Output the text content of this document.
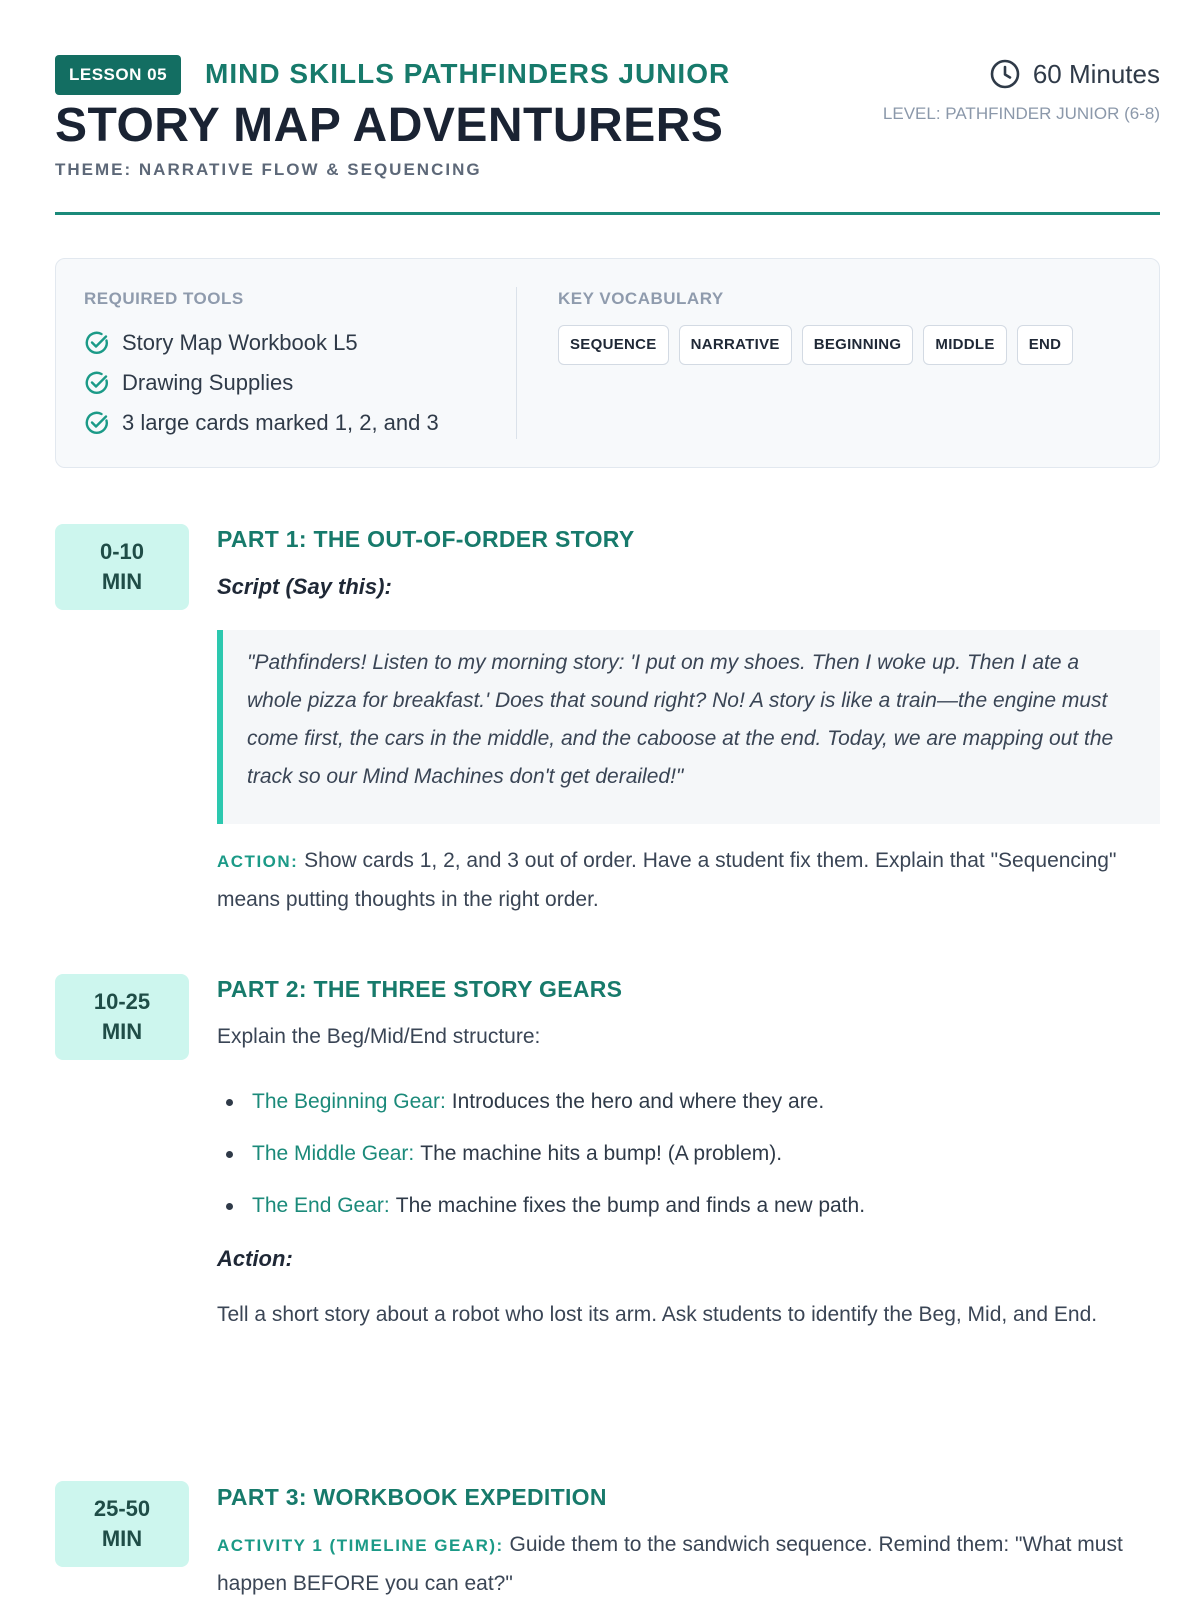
LESSON 05	MIND SKILLS PATHFINDERS JUNIOR
STORY MAP ADVENTURERS
THEME: NARRATIVE FLOW & SEQUENCING
60 Minutes
LEVEL: PATHFINDER JUNIOR (6-8)
REQUIRED TOOLS
Story Map Workbook L5
Drawing Supplies
3 large cards marked 1, 2, and 3
KEY VOCABULARY
SEQUENCE	NARRATIVE	BEGINNING	MIDDLE	END
0-10
MIN
PART 1: THE OUT-OF-ORDER STORY
Script (Say this):
"Pathfinders! Listen to my morning story: 'I put on my shoes. Then I woke up. Then I ate a whole pizza for breakfast.' Does that sound right? No! A story is like a train—the engine must come first, the cars in the middle, and the caboose at the end. Today, we are mapping out the track so our Mind Machines don't get derailed!"
ACTION: Show cards 1, 2, and 3 out of order. Have a student fix them. Explain that "Sequencing" means putting thoughts in the right order.
10-25
MIN
PART 2: THE THREE STORY GEARS
Explain the Beg/Mid/End structure:
The Beginning Gear: Introduces the hero and where they are.
The Middle Gear: The machine hits a bump! (A problem).
The End Gear: The machine fixes the bump and finds a new path.
Action:
Tell a short story about a robot who lost its arm. Ask students to identify the Beg, Mid, and End.
25-50
MIN
PART 3: WORKBOOK EXPEDITION
ACTIVITY 1 (TIMELINE GEAR): Guide them to the sandwich sequence. Remind them: "What must happen BEFORE you can eat?"
